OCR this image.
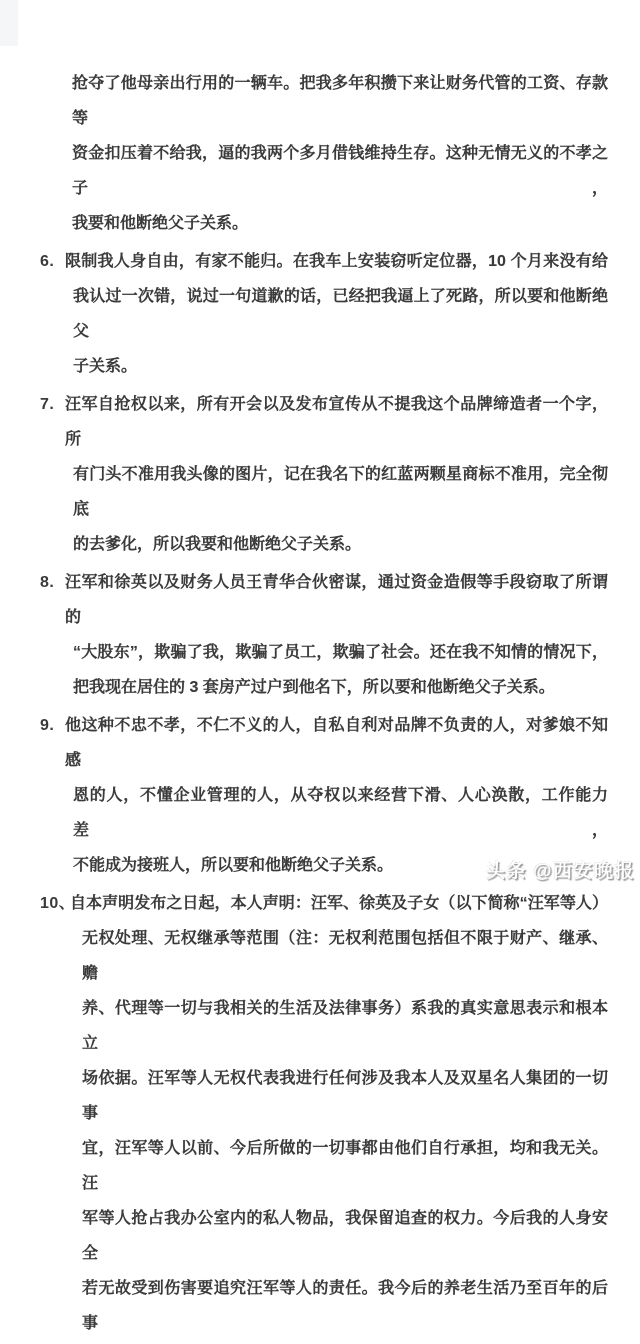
抢夺了他母亲出行用的一辆车。把我多年积攒下来让财务代管的工资、存款等
资金扣压着不给我，逼的我两个多月借钱维持生存。这种无情无义的不孝之子，
我要和他断绝父子关系。
6. 限制我人身自由，有家不能归。在我车上安装窃听定位器，10 个月来没有给
我认过一次错，说过一句道歉的话，已经把我逼上了死路，所以要和他断绝父
子关系。
7. 汪军自抢权以来，所有开会以及发布宣传从不提我这个品牌缔造者一个字，所
有门头不准用我头像的图片，记在我名下的红蓝两颗星商标不准用，完全彻底
的去爹化，所以我要和他断绝父子关系。
8. 汪军和徐英以及财务人员王青华合伙密谋，通过资金造假等手段窃取了所谓的
“大股东”，欺骗了我，欺骗了员工，欺骗了社会。还在我不知情的情况下，
把我现在居住的 3 套房产过户到他名下，所以要和他断绝父子关系。
9. 他这种不忠不孝，不仁不义的人，自私自利对品牌不负责的人，对爹娘不知感
恩的人，不懂企业管理的人，从夺权以来经营下滑、人心涣散，工作能力差，
不能成为接班人，所以要和他断绝父子关系。
10、
自本声明发布之日起，本人声明：汪军、徐英及子女（以下简称“汪军等人）
无权处理、无权继承等范围（注：无权利范围包括但不限于财产、继承、赡
养、代理等一切与我相关的生活及法律事务）系我的真实意思表示和根本立
场依据。汪军等人无权代表我进行任何涉及我本人及双星名人集团的一切事
宜，汪军等人以前、今后所做的一切事都由他们自行承担，均和我无关。汪
军等人抢占我办公室内的私人物品，我保留追查的权力。今后我的人身安全
若无故受到伤害要追究汪军等人的责任。我今后的养老生活乃至百年的后事
头条 @西安晚报
